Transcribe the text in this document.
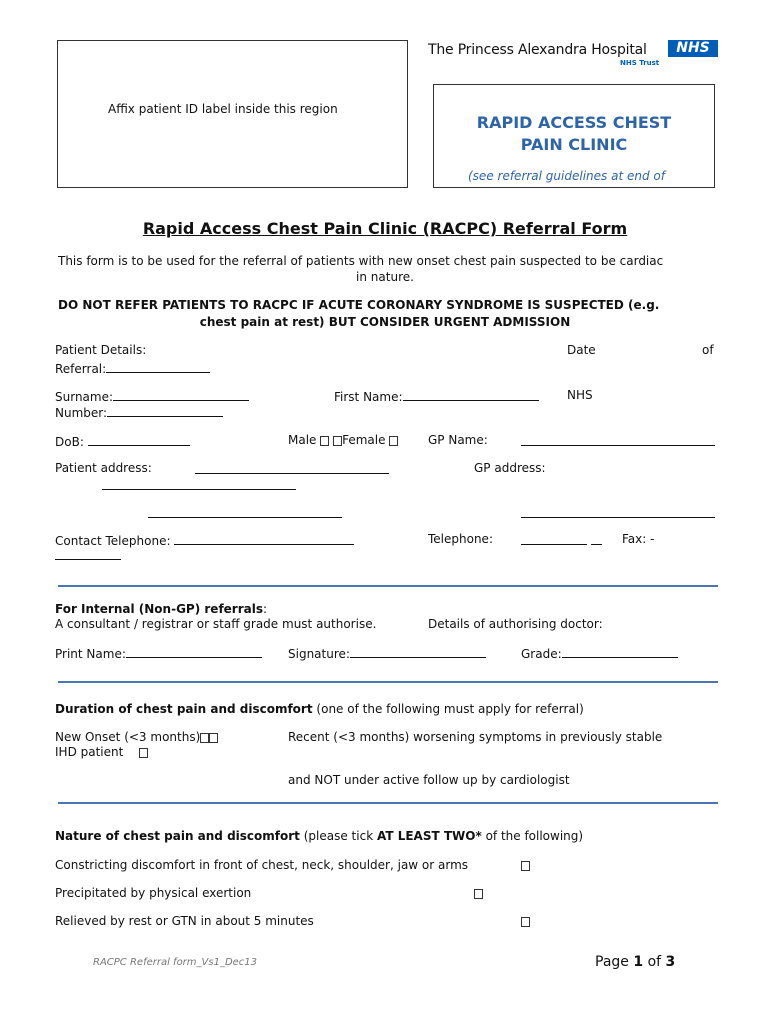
Affix patient ID label inside this region
The Princess Alexandra Hospital	NHS
NHS Trust
RAPID ACCESS CHEST
PAIN CLINIC
(see referral guidelines at end of
Rapid Access Chest Pain Clinic (RACPC) Referral Form
This form is to be used for the referral of patients with new onset chest pain suspected to be cardiac
in nature.
DO NOT REFER PATIENTS TO RACPC IF ACUTE CORONARY SYNDROME IS SUSPECTED (e.g.
chest pain at rest) BUT CONSIDER URGENT ADMISSION
Patient Details:	Date	of
Referral:
Surname:	First Name:	NHS
Number:
DoB:	Male Female	GP Name:
Patient address:	GP address:
Contact Telephone:	Telephone:	Fax: -
For Internal (Non-GP) referrals:
A consultant / registrar or staff grade must authorise.	Details of authorising doctor:
Print Name:	Signature:	Grade:
Duration of chest pain and discomfort (one of the following must apply for referral)
New Onset (<3 months)
IHD patient
Recent (<3 months) worsening symptoms in previously stable
and NOT under active follow up by cardiologist
Nature of chest pain and discomfort (please tick AT LEAST TWO* of the following)
Constricting discomfort in front of chest, neck, shoulder, jaw or arms
Precipitated by physical exertion
Relieved by rest or GTN in about 5 minutes
RACPC Referral form_Vs1_Dec13	Page 1 of 3
